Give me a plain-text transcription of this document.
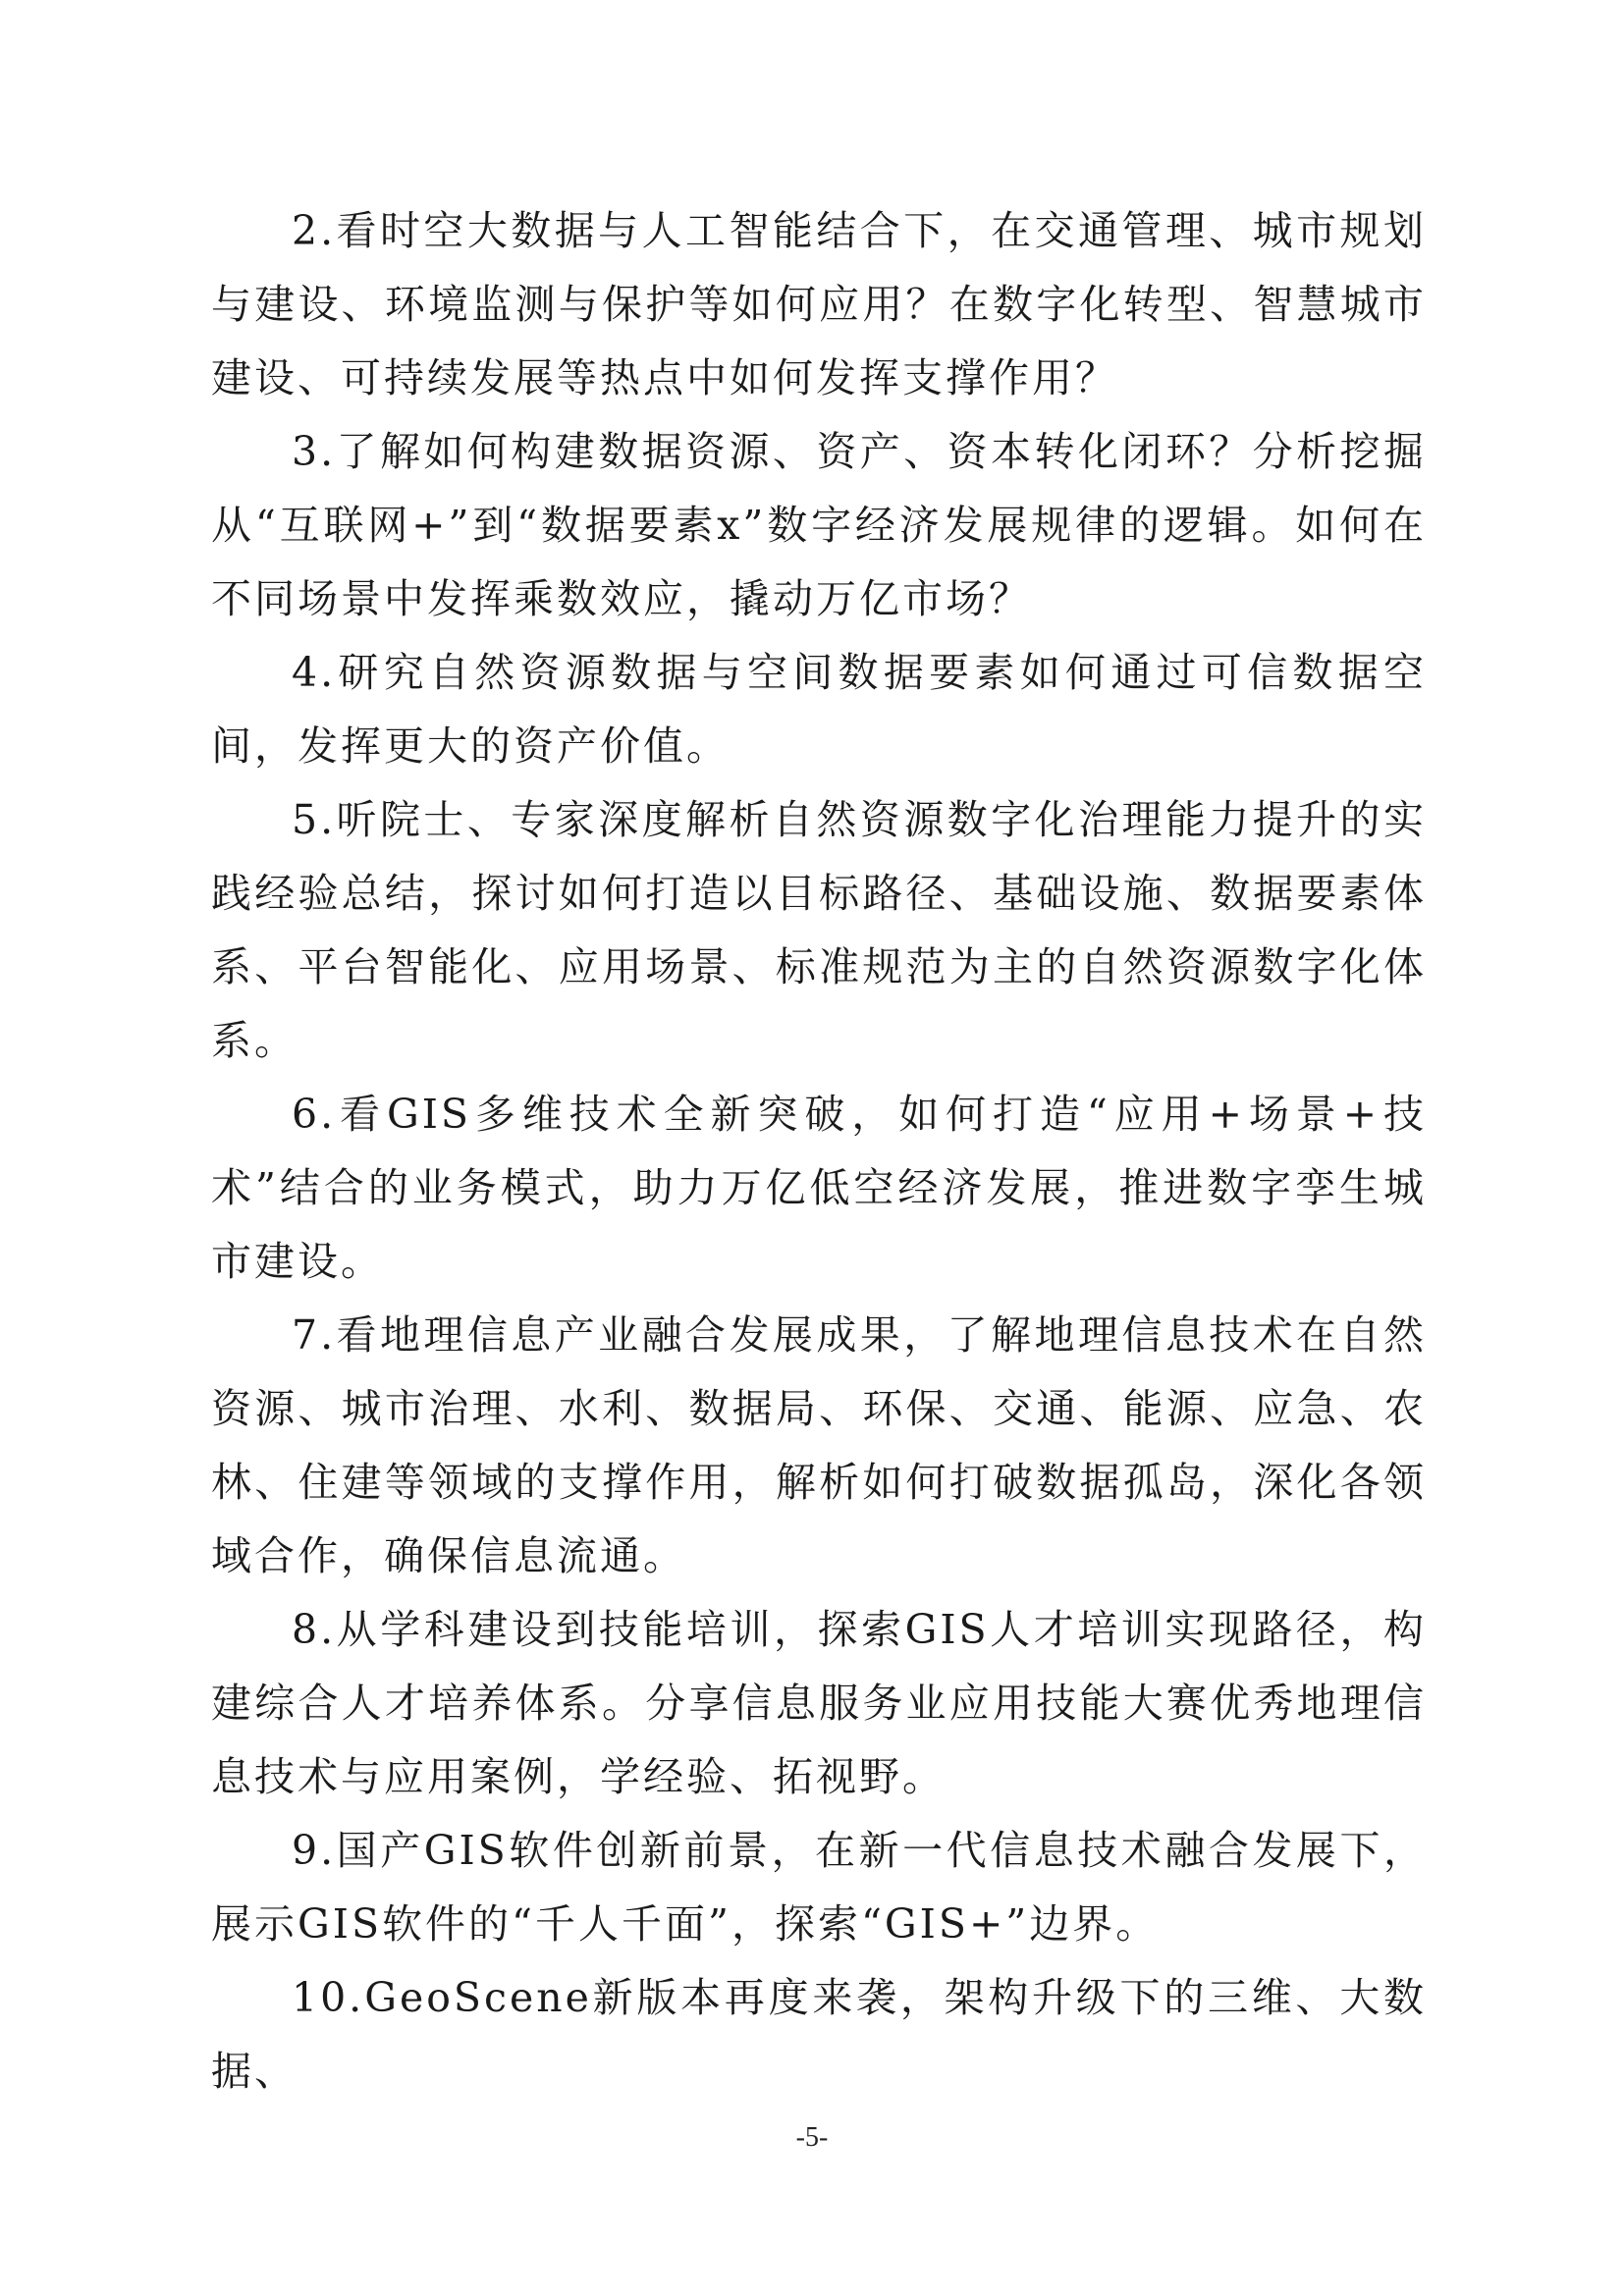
2.看时空大数据与人工智能结合下，在交通管理、城市规划与建设、环境监测与保护等如何应用？在数字化转型、智慧城市建设、可持续发展等热点中如何发挥支撑作用？

3.了解如何构建数据资源、资产、资本转化闭环？分析挖掘从“互联网+”到“数据要素x”数字经济发展规律的逻辑。如何在不同场景中发挥乘数效应，撬动万亿市场？

4.研究自然资源数据与空间数据要素如何通过可信数据空间，发挥更大的资产价值。

5.听院士、专家深度解析自然资源数字化治理能力提升的实践经验总结，探讨如何打造以目标路径、基础设施、数据要素体系、平台智能化、应用场景、标准规范为主的自然资源数字化体系。

6.看GIS多维技术全新突破，如何打造“应用+场景+技术”结合的业务模式，助力万亿低空经济发展，推进数字孪生城市建设。

7.看地理信息产业融合发展成果，了解地理信息技术在自然资源、城市治理、水利、数据局、环保、交通、能源、应急、农林、住建等领域的支撑作用，解析如何打破数据孤岛，深化各领域合作，确保信息流通。

8.从学科建设到技能培训，探索GIS人才培训实现路径，构建综合人才培养体系。分享信息服务业应用技能大赛优秀地理信息技术与应用案例，学经验、拓视野。

9.国产GIS软件创新前景，在新一代信息技术融合发展下，展示GIS软件的“千人千面”，探索“GIS+”边界。

10.GeoScene新版本再度来袭，架构升级下的三维、大数据、

-5-
